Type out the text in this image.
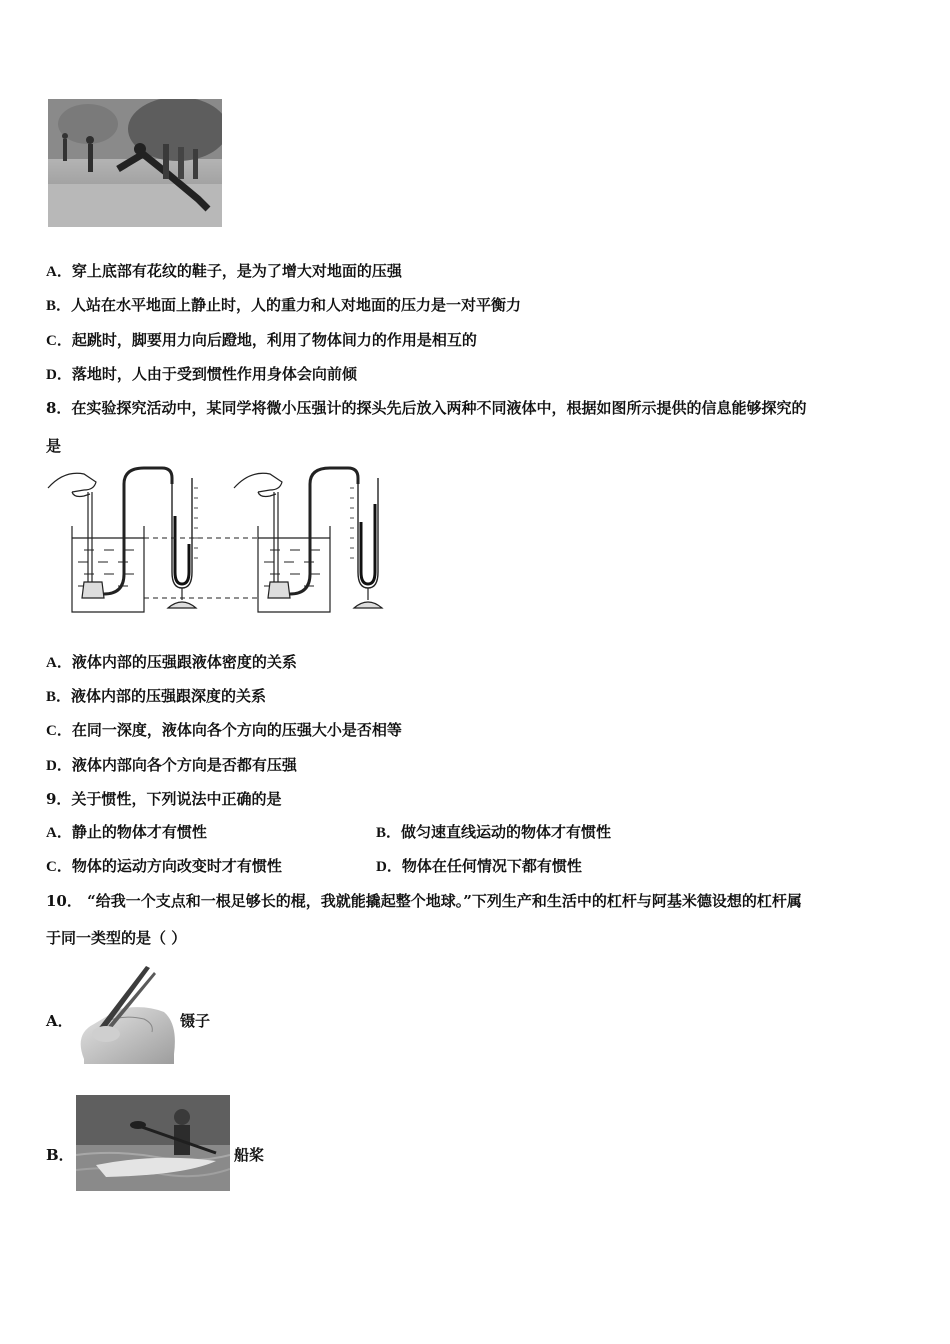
A．穿上底部有花纹的鞋子，是为了增大对地面的压强
B．人站在水平地面上静止时，人的重力和人对地面的压力是一对平衡力
C．起跳时，脚要用力向后蹬地，利用了物体间力的作用是相互的
D．落地时，人由于受到惯性作用身体会向前倾
8．在实验探究活动中，某同学将微小压强计的探头先后放入两种不同液体中，根据如图所示提供的信息能够探究的
是
A．液体内部的压强跟液体密度的关系
B．液体内部的压强跟深度的关系
C．在同一深度，液体向各个方向的压强大小是否相等
D．液体内部向各个方向是否都有压强
9．关于惯性，下列说法中正确的是
A．静止的物体才有惯性	B．做匀速直线运动的物体才有惯性
C．物体的运动方向改变时才有惯性	D．物体在任何情况下都有惯性
10． “给我一个支点和一根足够长的棍，我就能撬起整个地球。”下列生产和生活中的杠杆与阿基米德设想的杠杆属
于同一类型的是（ ）
A．	镊子
B．	船桨
